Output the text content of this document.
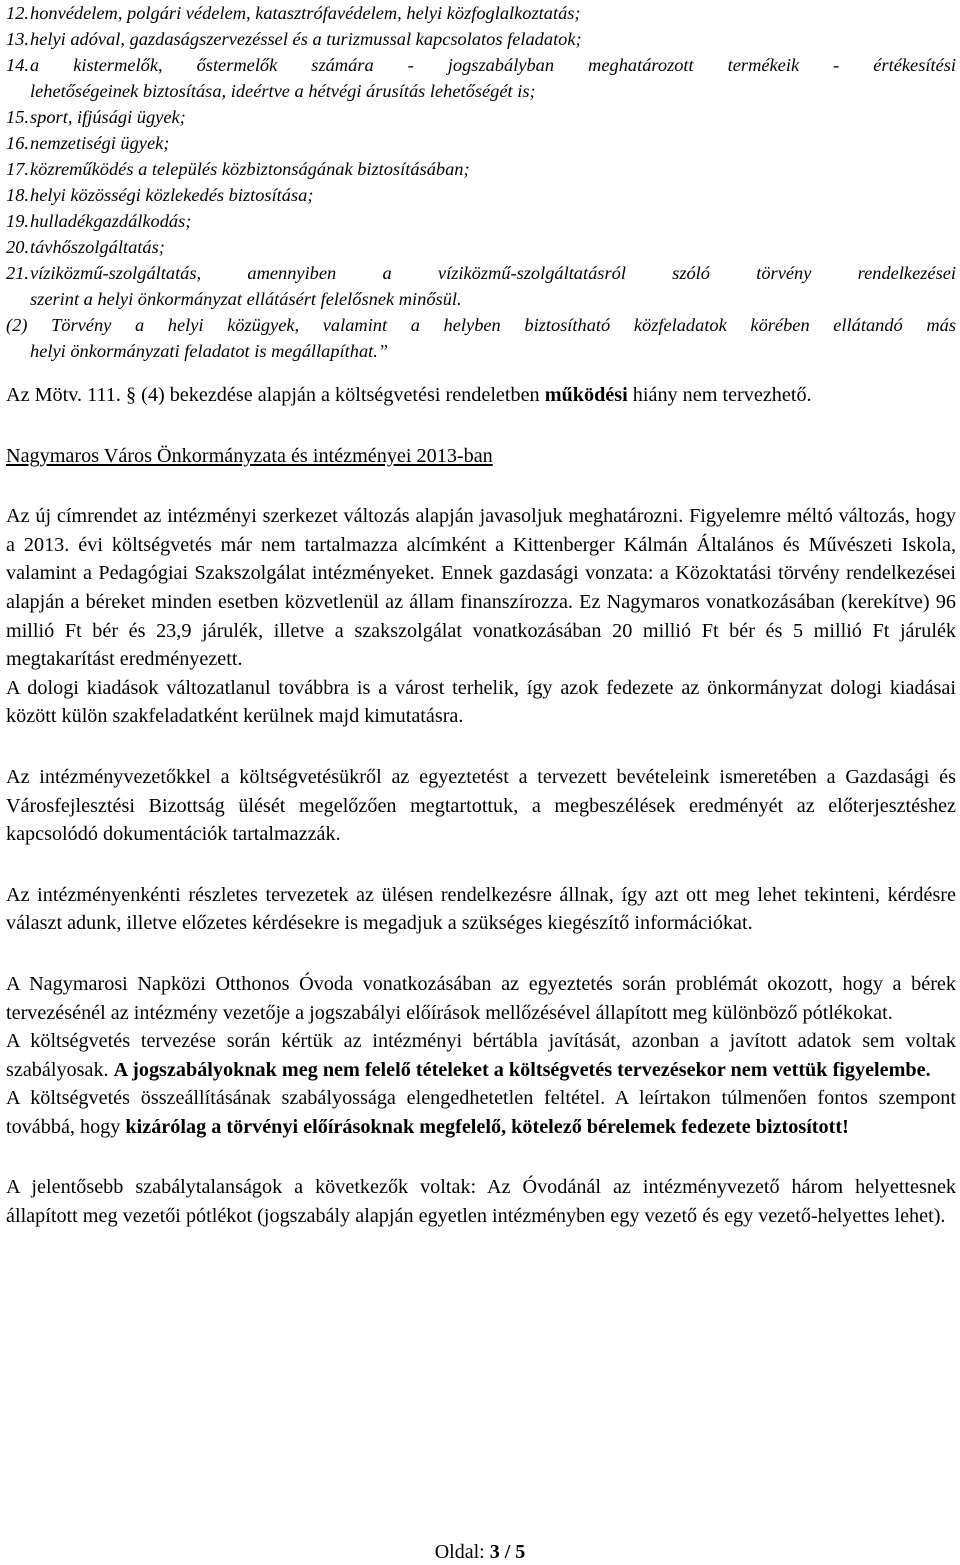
12. honvédelem, polgári védelem, katasztrófavédelem, helyi közfoglalkoztatás;
13. helyi adóval, gazdaságszervezéssel és a turizmussal kapcsolatos feladatok;
14. a kistermelők, őstermelők számára - jogszabályban meghatározott termékeik - értékesítési
lehetőségeinek biztosítása, ideértve a hétvégi árusítás lehetőségét is;
15. sport, ifjúsági ügyek;
16. nemzetiségi ügyek;
17. közreműködés a település közbiztonságának biztosításában;
18. helyi közösségi közlekedés biztosítása;
19. hulladékgazdálkodás;
20. távhőszolgáltatás;
21. víziközmű-szolgáltatás, amennyiben a víziközmű-szolgáltatásról szóló törvény rendelkezései
szerint a helyi önkormányzat ellátásért felelősnek minősül.
(2) Törvény a helyi közügyek, valamint a helyben biztosítható közfeladatok körében ellátandó más
helyi önkormányzati feladatot is megállapíthat.”

Az Mötv. 111. § (4) bekezdése alapján a költségvetési rendeletben működési hiány nem tervezhető.

Nagymaros Város Önkormányzata és intézményei 2013-ban

Az új címrendet az intézményi szerkezet változás alapján javasoljuk meghatározni. Figyelemre méltó változás, hogy a 2013. évi költségvetés már nem tartalmazza alcímként a Kittenberger Kálmán Általános és Művészeti Iskola, valamint a Pedagógiai Szakszolgálat intézményeket. Ennek gazdasági vonzata: a Közoktatási törvény rendelkezései alapján a béreket minden esetben közvetlenül az állam finanszírozza. Ez Nagymaros vonatkozásában (kerekítve) 96 millió Ft bér és 23,9 járulék, illetve a szakszolgálat vonatkozásában 20 millió Ft bér és 5 millió Ft járulék megtakarítást eredményezett.

A dologi kiadások változatlanul továbbra is a várost terhelik, így azok fedezete az önkormányzat dologi kiadásai között külön szakfeladatként kerülnek majd kimutatásra.

Az intézményvezetőkkel a költségvetésükről az egyeztetést a tervezett bevételeink ismeretében a Gazdasági és Városfejlesztési Bizottság ülését megelőzően megtartottuk, a megbeszélések eredményét az előterjesztéshez kapcsolódó dokumentációk tartalmazzák.

Az intézményenkénti részletes tervezetek az ülésen rendelkezésre állnak, így azt ott meg lehet tekinteni, kérdésre választ adunk, illetve előzetes kérdésekre is megadjuk a szükséges kiegészítő információkat.

A Nagymarosi Napközi Otthonos Óvoda vonatkozásában az egyeztetés során problémát okozott, hogy a bérek tervezésénél az intézmény vezetője a jogszabályi előírások mellőzésével állapított meg különböző pótlékokat.

A költségvetés tervezése során kértük az intézményi bértábla javítását, azonban a javított adatok sem voltak szabályosak. A jogszabályoknak meg nem felelő tételeket a költségvetés tervezésekor nem vettük figyelembe.

A költségvetés összeállításának szabályossága elengedhetetlen feltétel. A leírtakon túlmenően fontos szempont továbbá, hogy kizárólag a törvényi előírásoknak megfelelő, kötelező bérelemek fedezete biztosított!

A jelentősebb szabálytalanságok a következők voltak: Az Óvodánál az intézményvezető három helyettesnek állapított meg vezetői pótlékot (jogszabály alapján egyetlen intézményben egy vezető és egy vezető-helyettes lehet).

Oldal: 3 / 5
